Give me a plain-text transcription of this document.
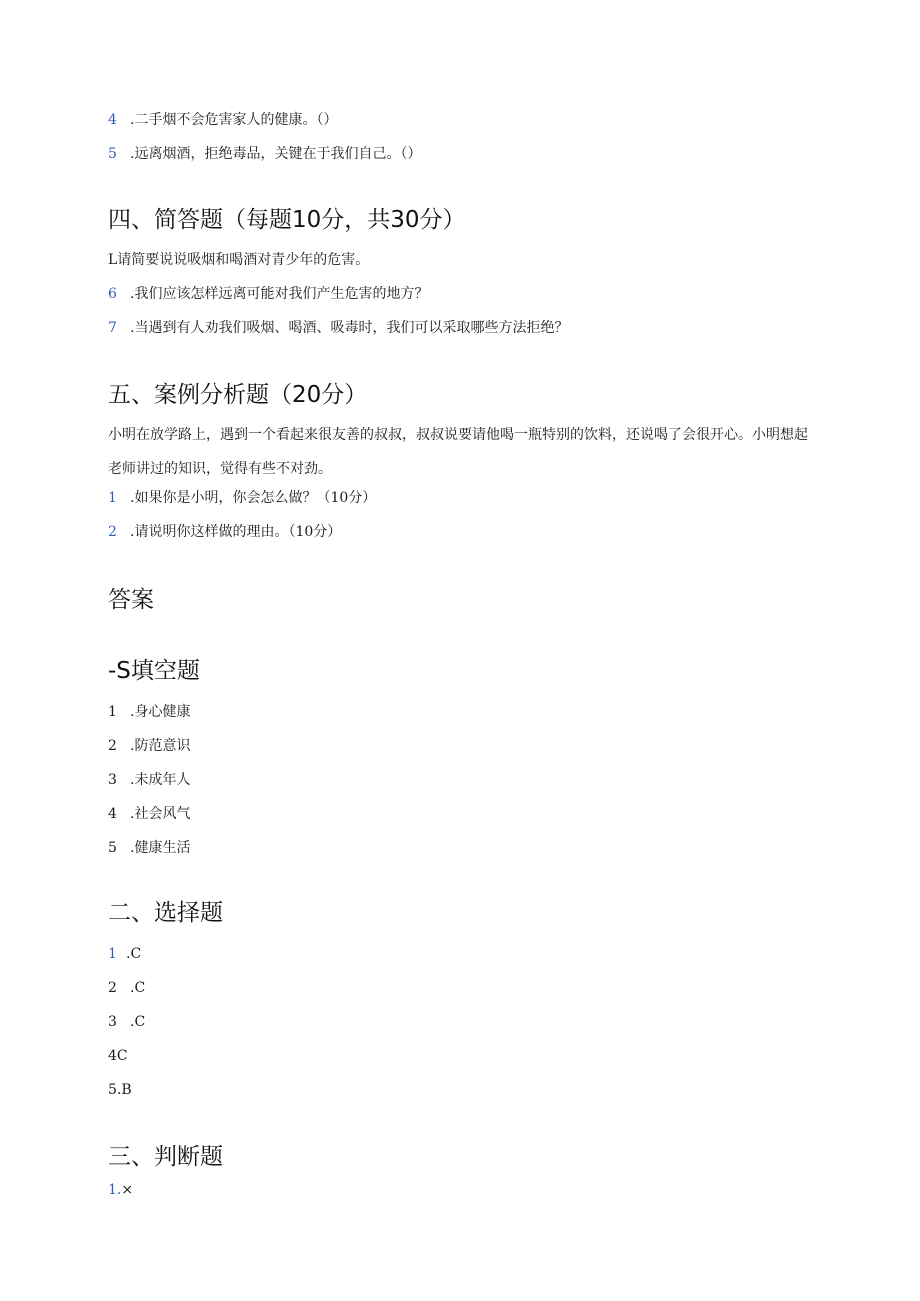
4 .二手烟不会危害家人的健康。（）
5 .远离烟酒，拒绝毒品，关键在于我们自己。（）
四、简答题（每题10分，共30分）
L请简要说说吸烟和喝酒对青少年的危害。
6 .我们应该怎样远离可能对我们产生危害的地方？
7 .当遇到有人劝我们吸烟、喝酒、吸毒时，我们可以采取哪些方法拒绝？
五、案例分析题（20分）
小明在放学路上，遇到一个看起来很友善的叔叔，叔叔说要请他喝一瓶特别的饮料，还说喝了会很开心。小明想起老师讲过的知识，觉得有些不对劲。
1 .如果你是小明，你会怎么做？（10分）
2 .请说明你这样做的理由。（10分）
答案
-S填空题
1 .身心健康
2 .防范意识
3 .未成年人
4 .社会风气
5 .健康生活
二、选择题
1 .C
2 .C
3 .C
4C
5.B
三、判断题
1.×
